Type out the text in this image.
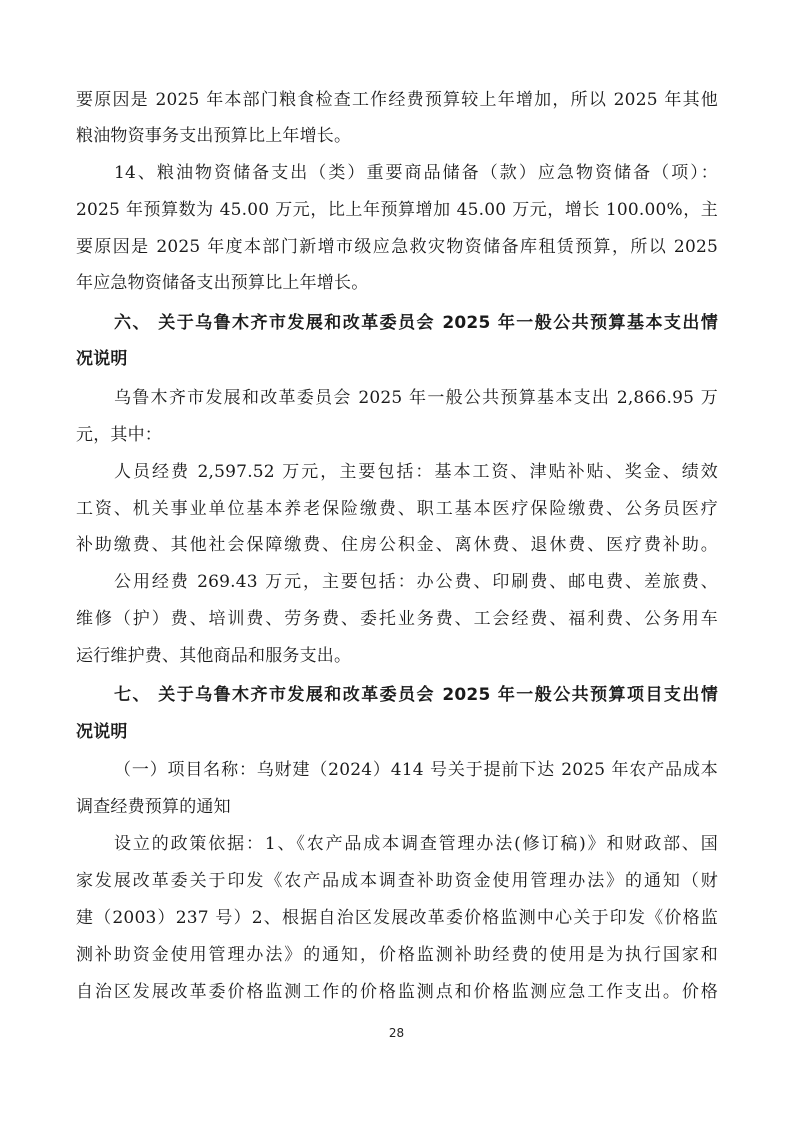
要原因是 2025 年本部门粮食检查工作经费预算较上年增加，所以 2025 年其他
粮油物资事务支出预算比上年增长。
14、粮油物资储备支出（类）重要商品储备（款）应急物资储备（项）：
2025 年预算数为 45.00 万元，比上年预算增加 45.00 万元，增长 100.00%，主
要原因是 2025 年度本部门新增市级应急救灾物资储备库租赁预算，所以 2025
年应急物资储备支出预算比上年增长。
六、 关于乌鲁木齐市发展和改革委员会 2025 年一般公共预算基本支出情
况说明
乌鲁木齐市发展和改革委员会 2025 年一般公共预算基本支出 2,866.95 万
元，其中：
人员经费 2,597.52 万元，主要包括：基本工资、津贴补贴、奖金、绩效
工资、机关事业单位基本养老保险缴费、职工基本医疗保险缴费、公务员医疗
补助缴费、其他社会保障缴费、住房公积金、离休费、退休费、医疗费补助。
公用经费 269.43 万元，主要包括：办公费、印刷费、邮电费、差旅费、
维修（护）费、培训费、劳务费、委托业务费、工会经费、福利费、公务用车
运行维护费、其他商品和服务支出。
七、 关于乌鲁木齐市发展和改革委员会 2025 年一般公共预算项目支出情
况说明
（一）项目名称：乌财建（2024）414 号关于提前下达 2025 年农产品成本
调查经费预算的通知
设立的政策依据：1、《农产品成本调查管理办法(修订稿)》和财政部、国
家发展改革委关于印发《农产品成本调查补助资金使用管理办法》的通知（财
建（2003）237 号）2、根据自治区发展改革委价格监测中心关于印发《价格监
测补助资金使用管理办法》的通知，价格监测补助经费的使用是为执行国家和
自治区发展改革委价格监测工作的价格监测点和价格监测应急工作支出。价格
28
